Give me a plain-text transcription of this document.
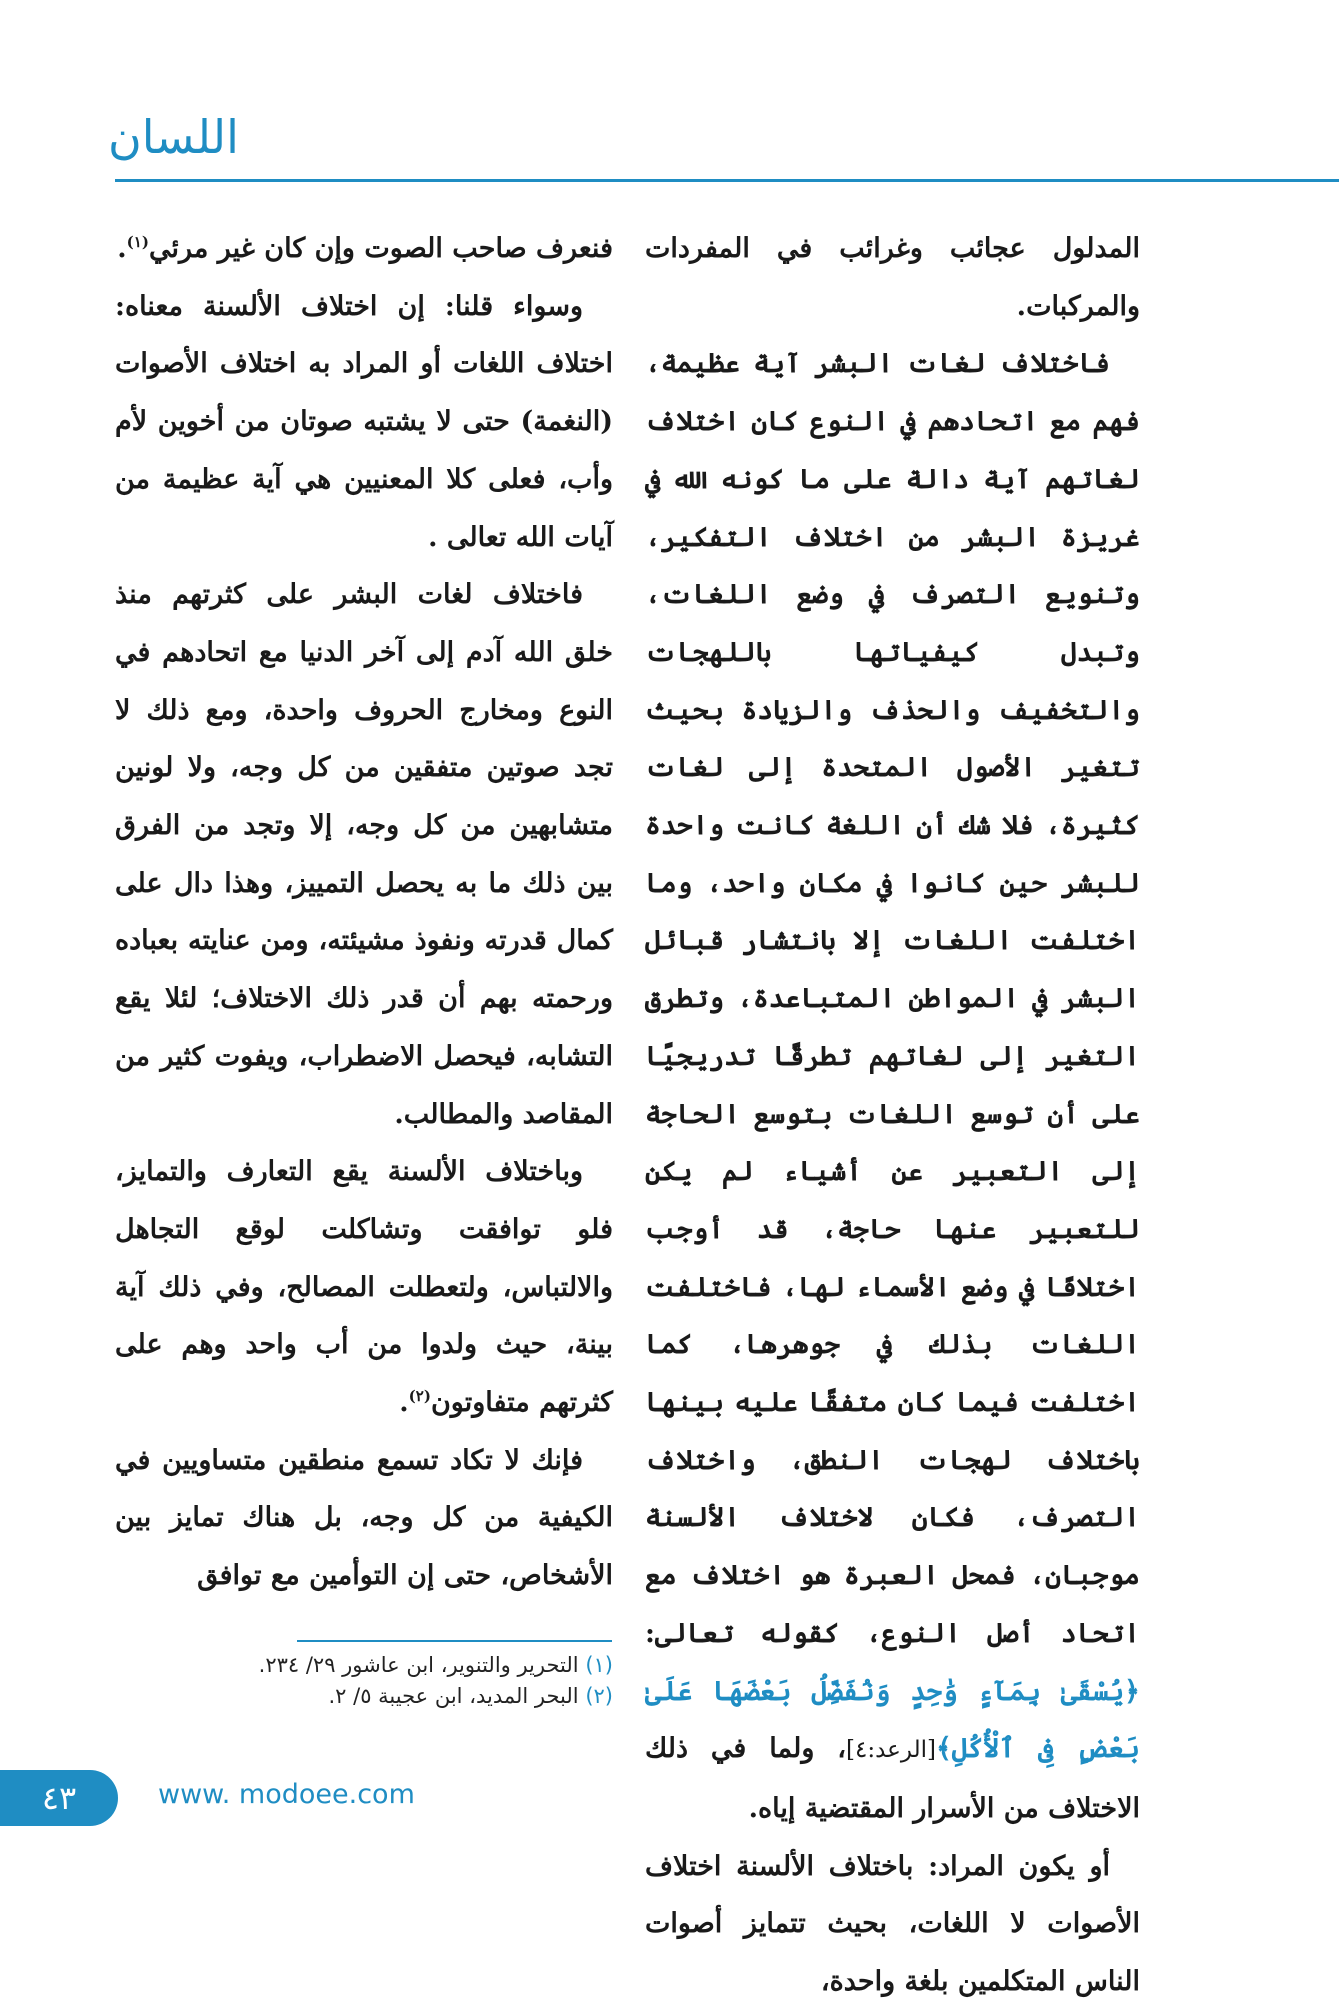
اللسان

المدلول عجائب وغرائب في المفردات والمركبات.

فاختلاف لغات البشر آية عظيمة، فهم مع اتحادهم في النوع كان اختلاف لغاتهم آية دالة على ما كونه الله في غريزة البشر من اختلاف التفكير، وتنويع التصرف في وضع اللغات، وتبدل كيفياتها باللهجات والتخفيف والحذف والزيادة بحيث تتغير الأصول المتحدة إلى لغات كثيرة، فلا شك أن اللغة كانت واحدة للبشر حين كانوا في مكان واحد، وما اختلفت اللغات إلا بانتشار قبائل البشر في المواطن المتباعدة، وتطرق التغير إلى لغاتهم تطرقًا تدريجيًا على أن توسع اللغات بتوسع الحاجة إلى التعبير عن أشياء لم يكن للتعبير عنها حاجة، قد أوجب اختلافًا في وضع الأسماء لها، فاختلفت اللغات بذلك في جوهرها، كما اختلفت فيما كان متفقًا عليه بينها باختلاف لهجات النطق، واختلاف التصرف، فكان لاختلاف الألسنة موجبان، فمحل العبرة هو اختلاف مع اتحاد أصل النوع، كقوله تعالى: ﴿يُسْقَىٰ بِمَآءٍ وَٰحِدٍ وَنُفَضِّلُ بَعْضَهَا عَلَىٰ بَعْضٍ فِى ٱلْأُكُلِ﴾[الرعد:٤]، ولما في ذلك الاختلاف من الأسرار المقتضية إياه.

أو يكون المراد: باختلاف الألسنة اختلاف الأصوات لا اللغات، بحيث تتمايز أصوات الناس المتكلمين بلغة واحدة،

فنعرف صاحب الصوت وإن كان غير مرئي$^{(١)}$.

وسواء قلنا: إن اختلاف الألسنة معناه: اختلاف اللغات أو المراد به اختلاف الأصوات (النغمة) حتى لا يشتبه صوتان من أخوين لأم وأب، فعلى كلا المعنيين هي آية عظيمة من آيات الله تعالى .

فاختلاف لغات البشر على كثرتهم منذ خلق الله آدم إلى آخر الدنيا مع اتحادهم في النوع ومخارج الحروف واحدة، ومع ذلك لا تجد صوتين متفقين من كل وجه، ولا لونين متشابهين من كل وجه، إلا وتجد من الفرق بين ذلك ما به يحصل التمييز، وهذا دال على كمال قدرته ونفوذ مشيئته، ومن عنايته بعباده ورحمته بهم أن قدر ذلك الاختلاف؛ لئلا يقع التشابه، فيحصل الاضطراب، ويفوت كثير من المقاصد والمطالب.

وباختلاف الألسنة يقع التعارف والتمايز، فلو توافقت وتشاكلت لوقع التجاهل والالتباس، ولتعطلت المصالح، وفي ذلك آية بينة، حيث ولدوا من أب واحد وهم على كثرتهم متفاوتون$^{(٢)}$.

فإنك لا تكاد تسمع منطقين متساويين في الكيفية من كل وجه، بل هناك تمايز بين الأشخاص، حتى إن التوأمين مع توافق

(١) التحرير والتنوير، ابن عاشور ٢٩/ ٢٣٤.
(٢) البحر المديد، ابن عجيبة ٥/ ٢.
٤٣	www. modoee.com
